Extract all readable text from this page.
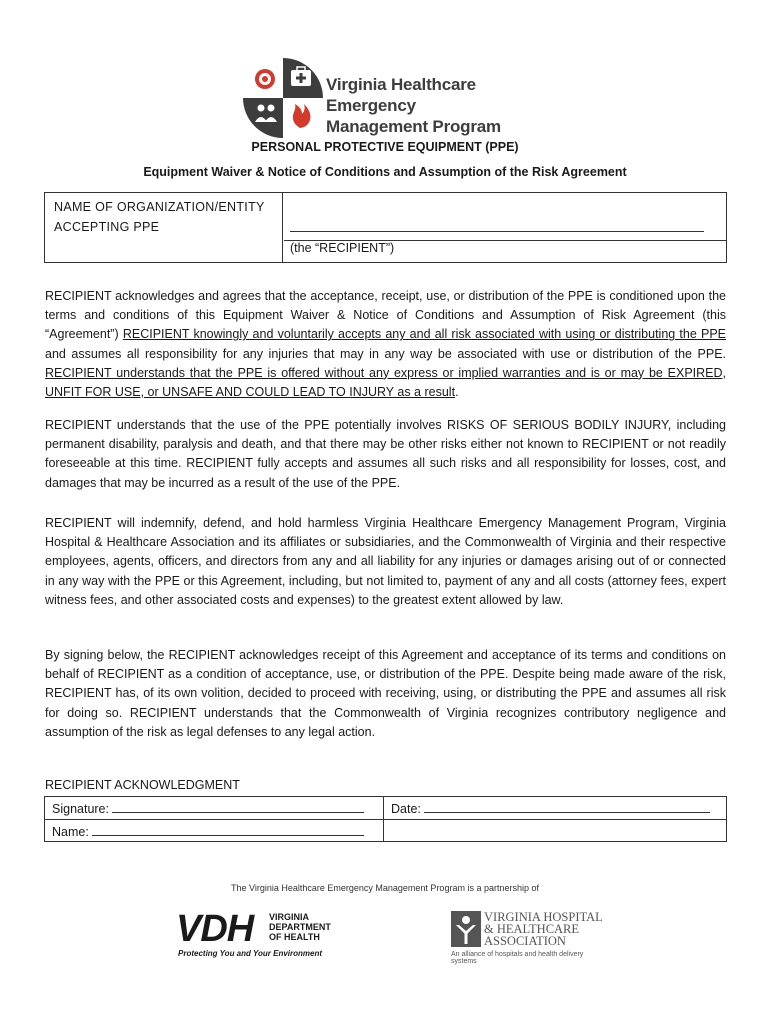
Virginia Healthcare Emergency
Management Program
PERSONAL PROTECTIVE EQUIPMENT (PPE)
Equipment Waiver & Notice of Conditions and Assumption of the Risk Agreement
NAME OF ORGANIZATION/ENTITY
ACCEPTING PPE
(the “RECIPIENT”)
RECIPIENT acknowledges and agrees that the acceptance, receipt, use, or distribution of the PPE is conditioned upon the terms and conditions of this Equipment Waiver & Notice of Conditions and Assumption of Risk Agreement (this “Agreement”) RECIPIENT knowingly and voluntarily accepts any and all risk associated with using or distributing the PPE and assumes all responsibility for any injuries that may in any way be associated with use or distribution of the PPE. RECIPIENT understands that the PPE is offered without any express or implied warranties and is or may be EXPIRED, UNFIT FOR USE, or UNSAFE AND COULD LEAD TO INJURY as a result.
RECIPIENT understands that the use of the PPE potentially involves RISKS OF SERIOUS BODILY INJURY, including permanent disability, paralysis and death, and that there may be other risks either not known to RECIPIENT or not readily foreseeable at this time. RECIPIENT fully accepts and assumes all such risks and all responsibility for losses, cost, and damages that may be incurred as a result of the use of the PPE.
RECIPIENT will indemnify, defend, and hold harmless Virginia Healthcare Emergency Management Program, Virginia Hospital & Healthcare Association and its affiliates or subsidiaries, and the Commonwealth of Virginia and their respective employees, agents, officers, and directors from any and all liability for any injuries or damages arising out of or connected in any way with the PPE or this Agreement, including, but not limited to, payment of any and all costs (attorney fees, expert witness fees, and other associated costs and expenses) to the greatest extent allowed by law.
By signing below, the RECIPIENT acknowledges receipt of this Agreement and acceptance of its terms and conditions on behalf of RECIPIENT as a condition of acceptance, use, or distribution of the PPE. Despite being made aware of the risk, RECIPIENT has, of its own volition, decided to proceed with receiving, using, or distributing the PPE and assumes all risk for doing so. RECIPIENT understands that the Commonwealth of Virginia recognizes contributory negligence and assumption of the risk as legal defenses to any legal action.
RECIPIENT ACKNOWLEDGMENT
Signature:	Date:
Name:
The Virginia Healthcare Emergency Management Program is a partnership of
VDH VIRGINIA
DEPARTMENT
OF HEALTH
Protecting You and Your Environment
VIRGINIA HOSPITAL
& HEALTHCARE
ASSOCIATION
An alliance of hospitals and health delivery systems
